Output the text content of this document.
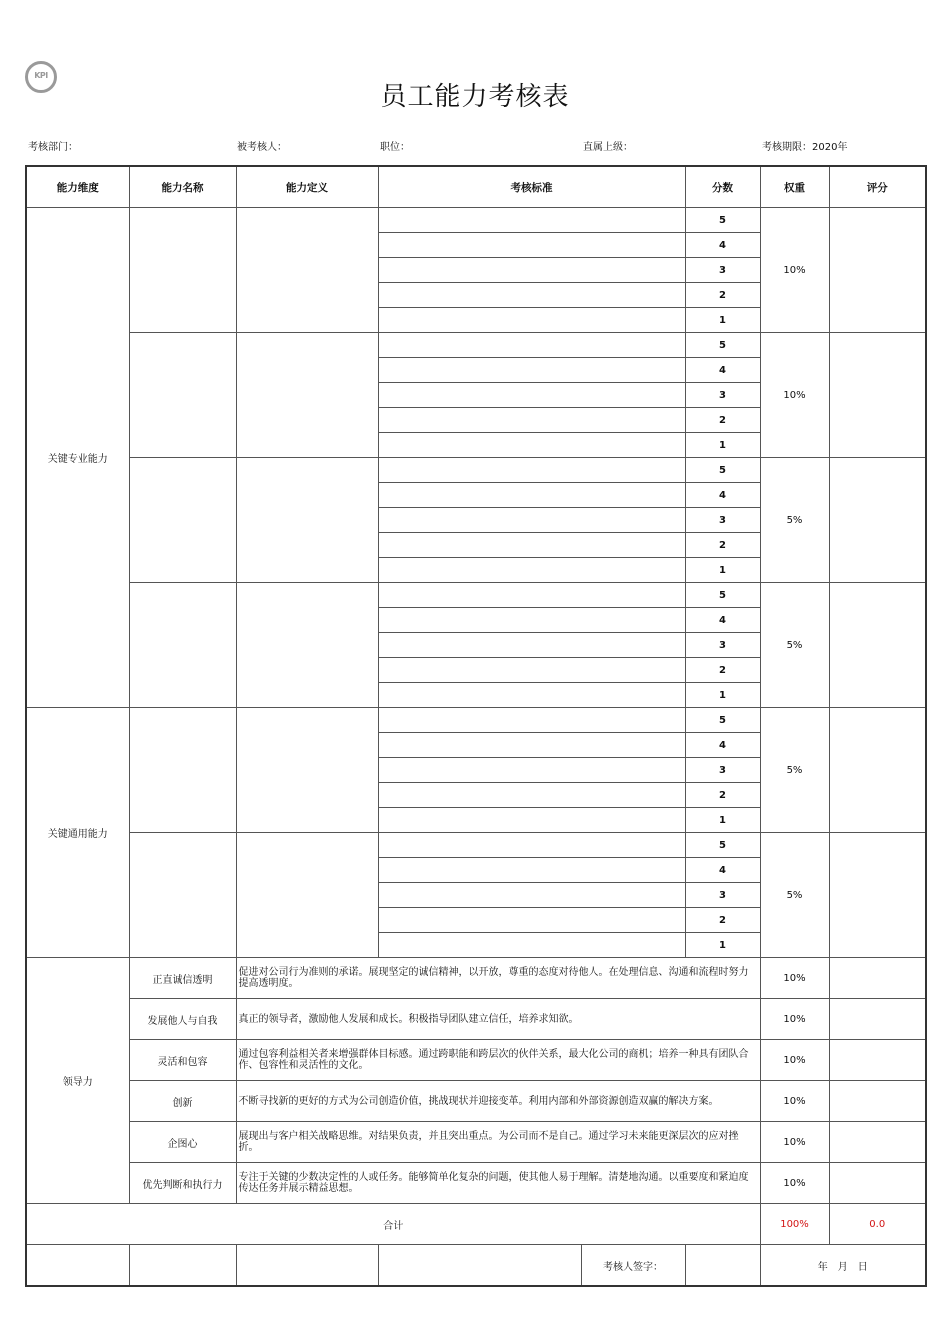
KPI
员工能力考核表
考核部门：	被考核人：	职位：	直属上级：	考核期限：2020年
能力维度	能力名称	能力定义	考核标准		分数	权重	评分
关键专业能力					5	10%	
					4		
					3		
					2		
					1		
					5	10%	
					4		
					3		
					2		
					1		
					5	5%	
					4		
					3		
					2		
					1		
					5	5%	
					4		
					3		
					2		
					1		
关键通用能力					5	5%	
					4		
					3		
					2		
					1		
					5	5%	
					4		
					3		
					2		
					1		
领导力	正直诚信透明	促进对公司行为准则的承诺。展现坚定的诚信精神，以开放，尊重的态度对待他人。在处理信息、沟通和流程时努力提高透明度。				10%	
	发展他人与自我	真正的领导者，激励他人发展和成长。积极指导团队建立信任，培养求知欲。				10%	
	灵活和包容	通过包容利益相关者来增强群体目标感。通过跨职能和跨层次的伙伴关系，最大化公司的商机；培养一种具有团队合作、包容性和灵活性的文化。				10%	
	创新	不断寻找新的更好的方式为公司创造价值，挑战现状并迎接变革。利用内部和外部资源创造双赢的解决方案。				10%	
	企图心	展现出与客户相关战略思维。对结果负责，并且突出重点。为公司而不是自己。通过学习未来能更深层次的应对挫折。				10%	
	优先判断和执行力	专注于关键的少数决定性的人或任务。能够简单化复杂的问题，使其他人易于理解。清楚地沟通。以重要度和紧迫度传达任务并展示精益思想。				10%	
合计						100%	0.0
				考核人签字：		年　月　日	
